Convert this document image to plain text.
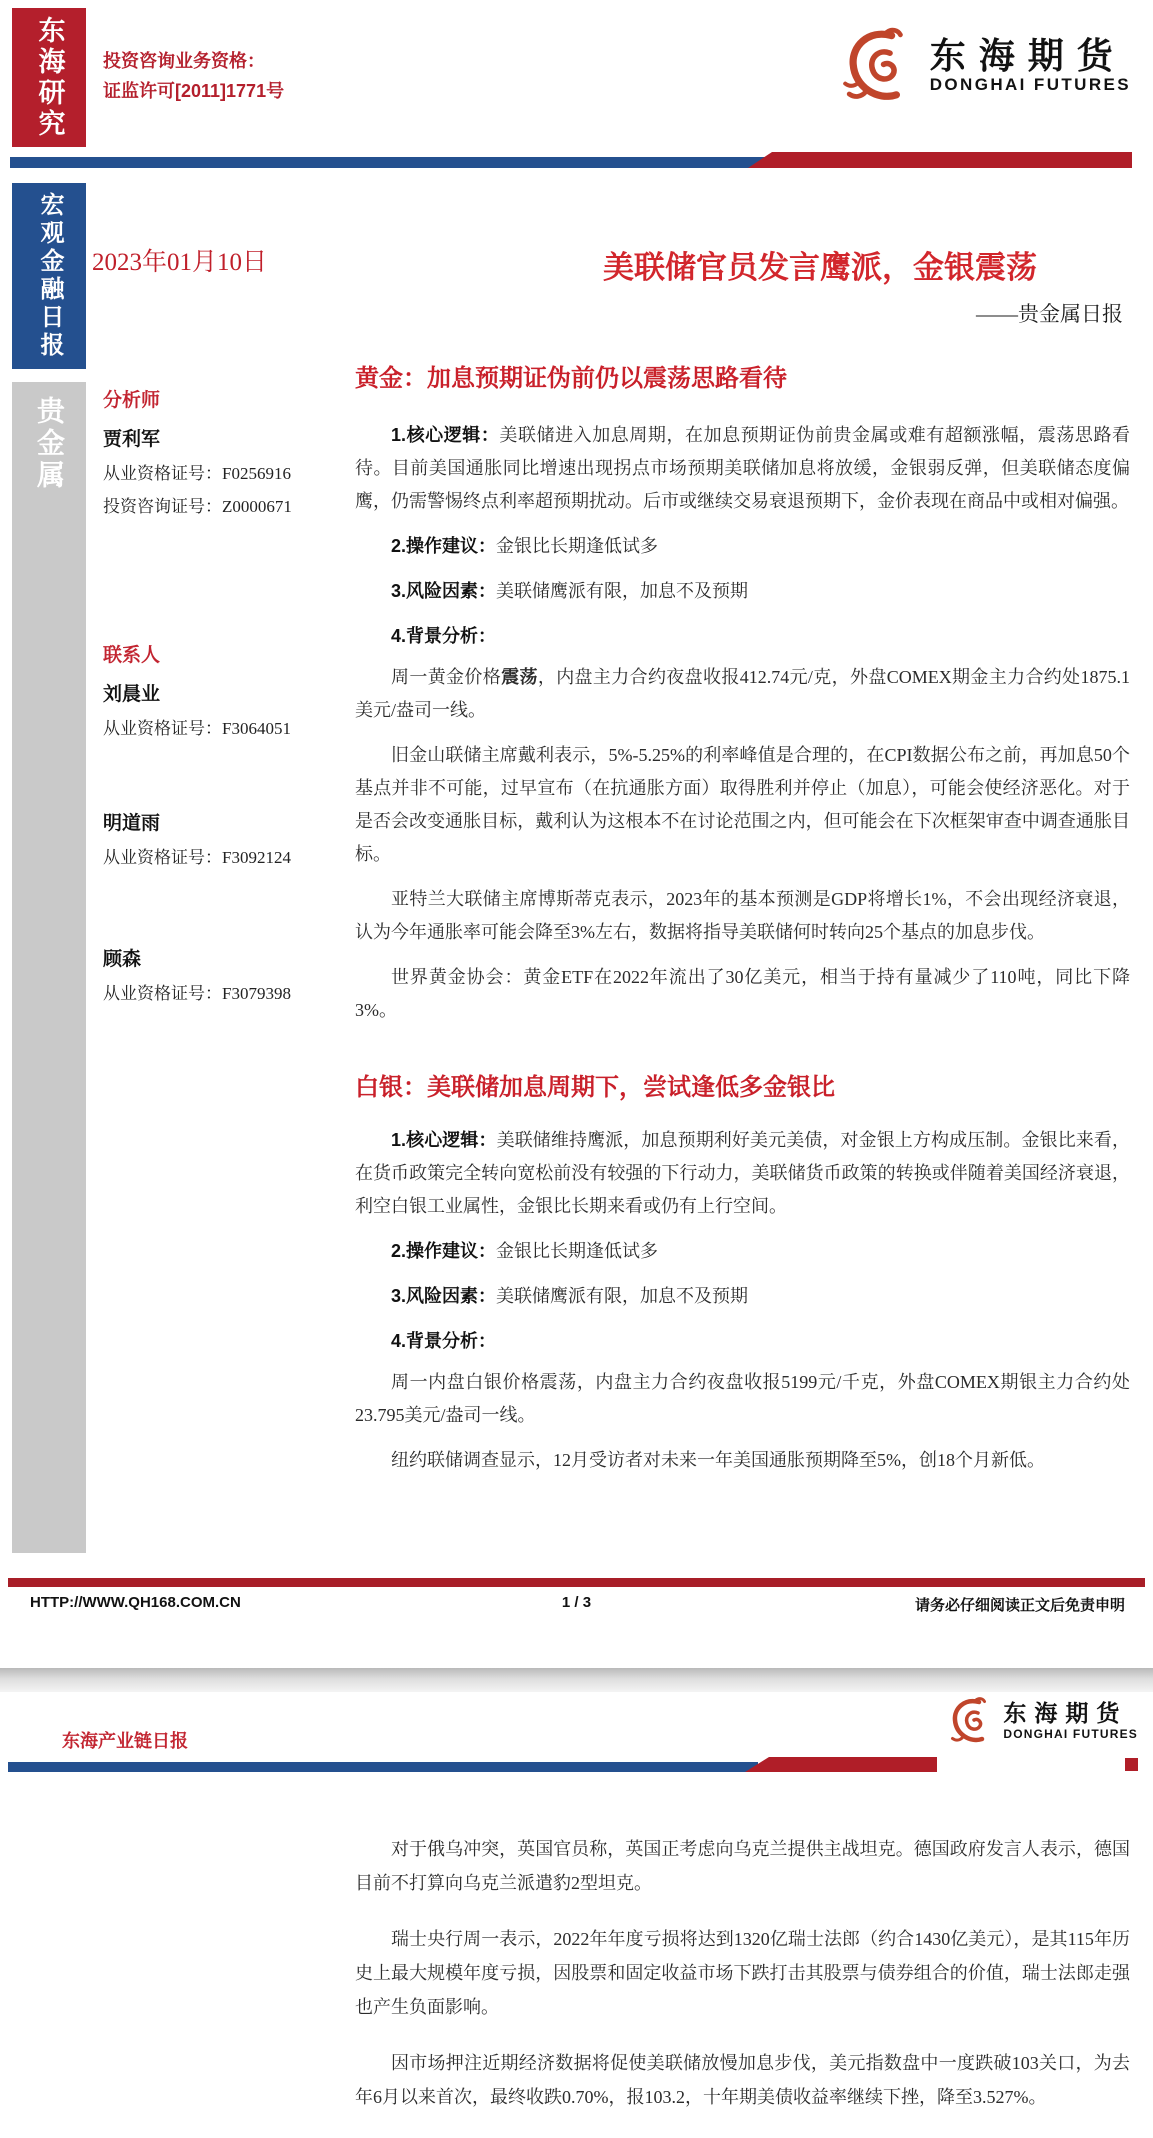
东海研究 投资咨询业务资格：
证监许可[2011]1771号
东海期货
DONGHAI FUTURES
宏观金融日报
贵金属
2023年01月10日	美联储官员发言鹰派，金银震荡
——贵金属日报
分析师
贾利军
从业资格证号：F0256916
投资咨询证号：Z0000671
联系人
刘晨业
从业资格证号：F3064051
明道雨
从业资格证号：F3092124
顾森
从业资格证号：F3079398
黄金：加息预期证伪前仍以震荡思路看待

1.核心逻辑：美联储进入加息周期，在加息预期证伪前贵金属或难有超额涨幅，震荡思路看待。目前美国通胀同比增速出现拐点市场预期美联储加息将放缓，金银弱反弹，但美联储态度偏鹰，仍需警惕终点利率超预期扰动。后市或继续交易衰退预期下，金价表现在商品中或相对偏强。

2.操作建议：金银比长期逢低试多

3.风险因素：美联储鹰派有限，加息不及预期

4.背景分析：

周一黄金价格震荡，内盘主力合约夜盘收报412.74元/克，外盘COMEX期金主力合约处1875.1美元/盎司一线。

旧金山联储主席戴利表示，5%-5.25%的利率峰值是合理的，在CPI数据公布之前，再加息50个基点并非不可能，过早宣布（在抗通胀方面）取得胜利并停止（加息），可能会使经济恶化。对于是否会改变通胀目标，戴利认为这根本不在讨论范围之内，但可能会在下次框架审查中调查通胀目标。

亚特兰大联储主席博斯蒂克表示，2023年的基本预测是GDP将增长1%，不会出现经济衰退，认为今年通胀率可能会降至3%左右，数据将指导美联储何时转向25个基点的加息步伐。

世界黄金协会：黄金ETF在2022年流出了30亿美元，相当于持有量减少了110吨，同比下降3%。

白银：美联储加息周期下，尝试逢低多金银比

1.核心逻辑：美联储维持鹰派，加息预期利好美元美债，对金银上方构成压制。金银比来看，在货币政策完全转向宽松前没有较强的下行动力，美联储货币政策的转换或伴随着美国经济衰退，利空白银工业属性，金银比长期来看或仍有上行空间。

2.操作建议：金银比长期逢低试多

3.风险因素：美联储鹰派有限，加息不及预期

4.背景分析：

周一内盘白银价格震荡，内盘主力合约夜盘收报5199元/千克，外盘COMEX期银主力合约处23.795美元/盎司一线。

纽约联储调查显示，12月受访者对未来一年美国通胀预期降至5%，创18个月新低。

HTTP://WWW.QH168.COM.CN	1 / 3	请务必仔细阅读正文后免责申明
东海产业链日报
东海期货
DONGHAI FUTURES

对于俄乌冲突，英国官员称，英国正考虑向乌克兰提供主战坦克。德国政府发言人表示，德国目前不打算向乌克兰派遣豹2型坦克。

瑞士央行周一表示，2022年年度亏损将达到1320亿瑞士法郎（约合1430亿美元），是其115年历史上最大规模年度亏损，因股票和固定收益市场下跌打击其股票与债券组合的价值，瑞士法郎走强也产生负面影响。

因市场押注近期经济数据将促使美联储放慢加息步伐，美元指数盘中一度跌破103关口，为去年6月以来首次，最终收跌0.70%，报103.2，十年期美债收益率继续下挫，降至3.527%。
